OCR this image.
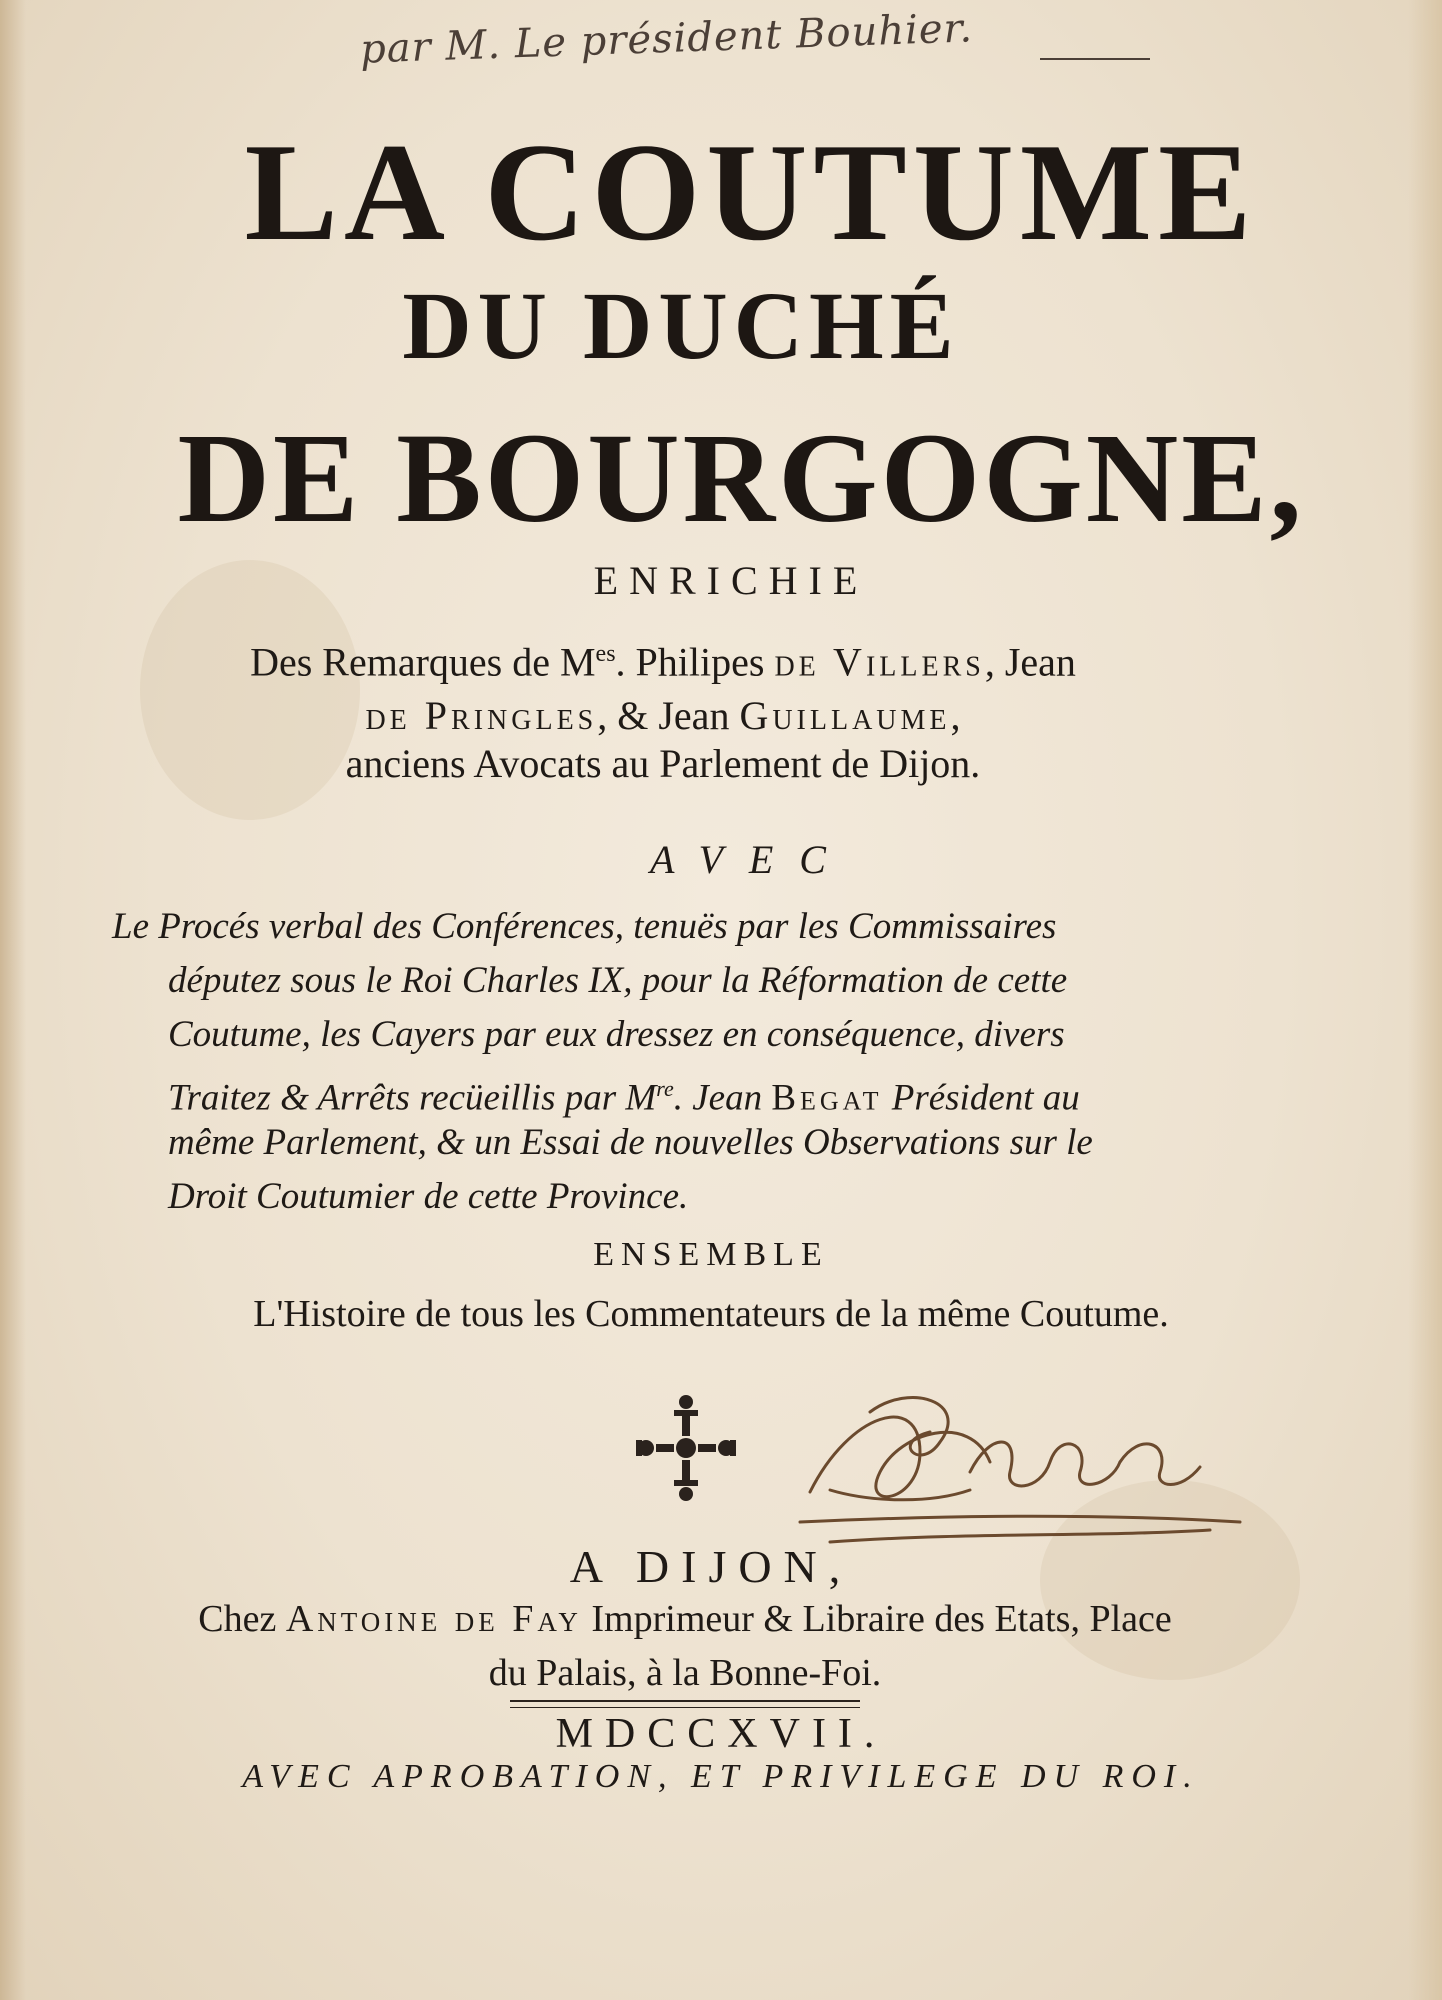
par M. Le président Bouhier.
LA COUTUME
DU DUCHÉ
DE BOURGOGNE,
ENRICHIE
Des Remarques de $M^{es}$. Philipes de Villers, Jean
de Pringles, & Jean Guillaume,
anciens Avocats au Parlement de Dijon.
AVEC
Le Procés verbal des Conférences, tenuës par les Commissaires
députez sous le Roi Charles IX, pour la Réformation de cette
Coutume, les Cayers par eux dressez en conséquence, divers
Traitez & Arrêts recüeillis par Mre. Jean Begat Président au
même Parlement, & un Essai de nouvelles Observations sur le
Droit Coutumier de cette Province.
ENSEMBLE
L'Histoire de tous les Commentateurs de la même Coutume.
A DIJON,
Chez Antoine de Fay Imprimeur & Libraire des Etats, Place
du Palais, à la Bonne-Foi.
MDCCXVII.
AVEC APROBATION, ET PRIVILEGE DU ROI.
